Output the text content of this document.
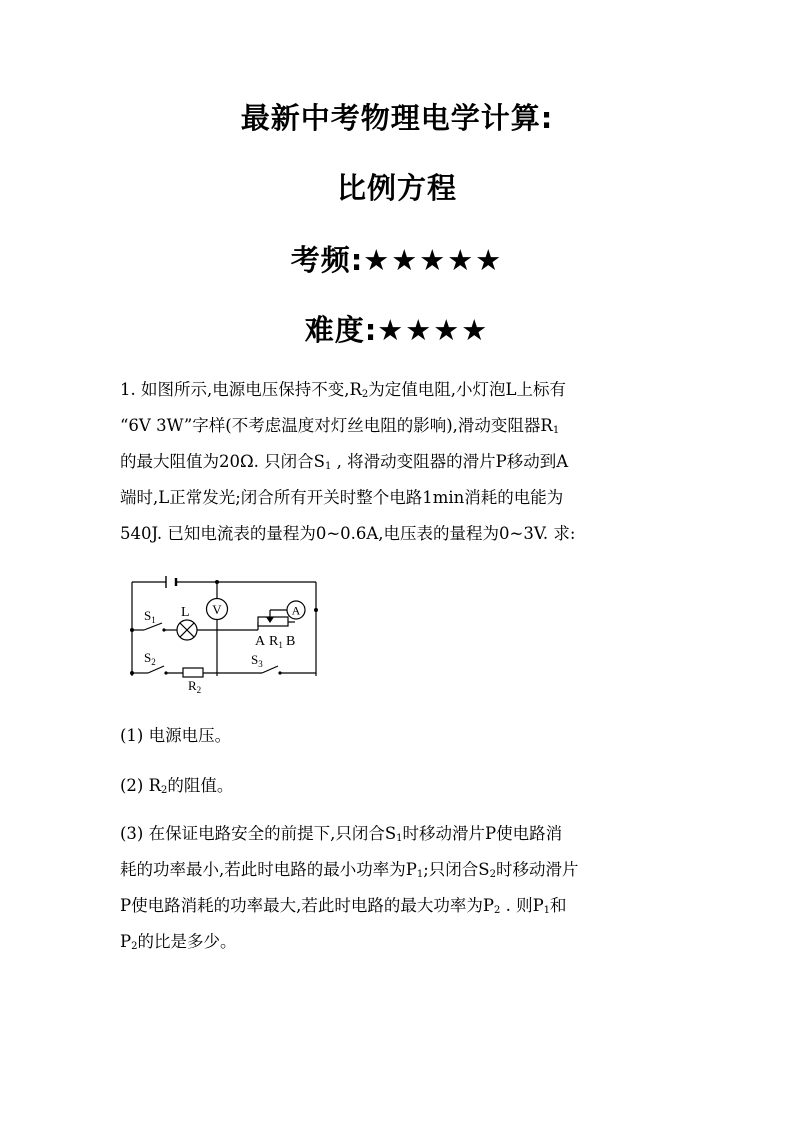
最新中考物理电学计算:
比例方程
考频:★★★★★
难度:★★★★
1. 如图所示,电源电压保持不变$,R_2$为定值电阻,小灯泡L上标有
“6V 3W”字样(不考虑温度对灯丝电阻的影响),滑动变阻器$R_1$
的最大阻值为20Ω. 只闭合$S_1$ , 将滑动变阻器的滑片P移动到A
端时,L正常发光;闭合所有开关时整个电路1min消耗的电能为
540J. 已知电流表的量程为0~0.6A,电压表的量程为0~3V. 求:
V	A
$S_1$ L
$S_2$	$S_3$
$R_2$
A $R_1$ B
(1) 电源电压。
(2) $R_2$的阻值。
(3) 在保证电路安全的前提下,只闭合$S_1$时移动滑片P使电路消
耗的功率最小,若此时电路的最小功率为$P_1$;只闭合$S_2$时移动滑片
P使电路消耗的功率最大,若此时电路的最大功率为$P_2$ . 则$P_1$和
$P_2$的比是多少。
